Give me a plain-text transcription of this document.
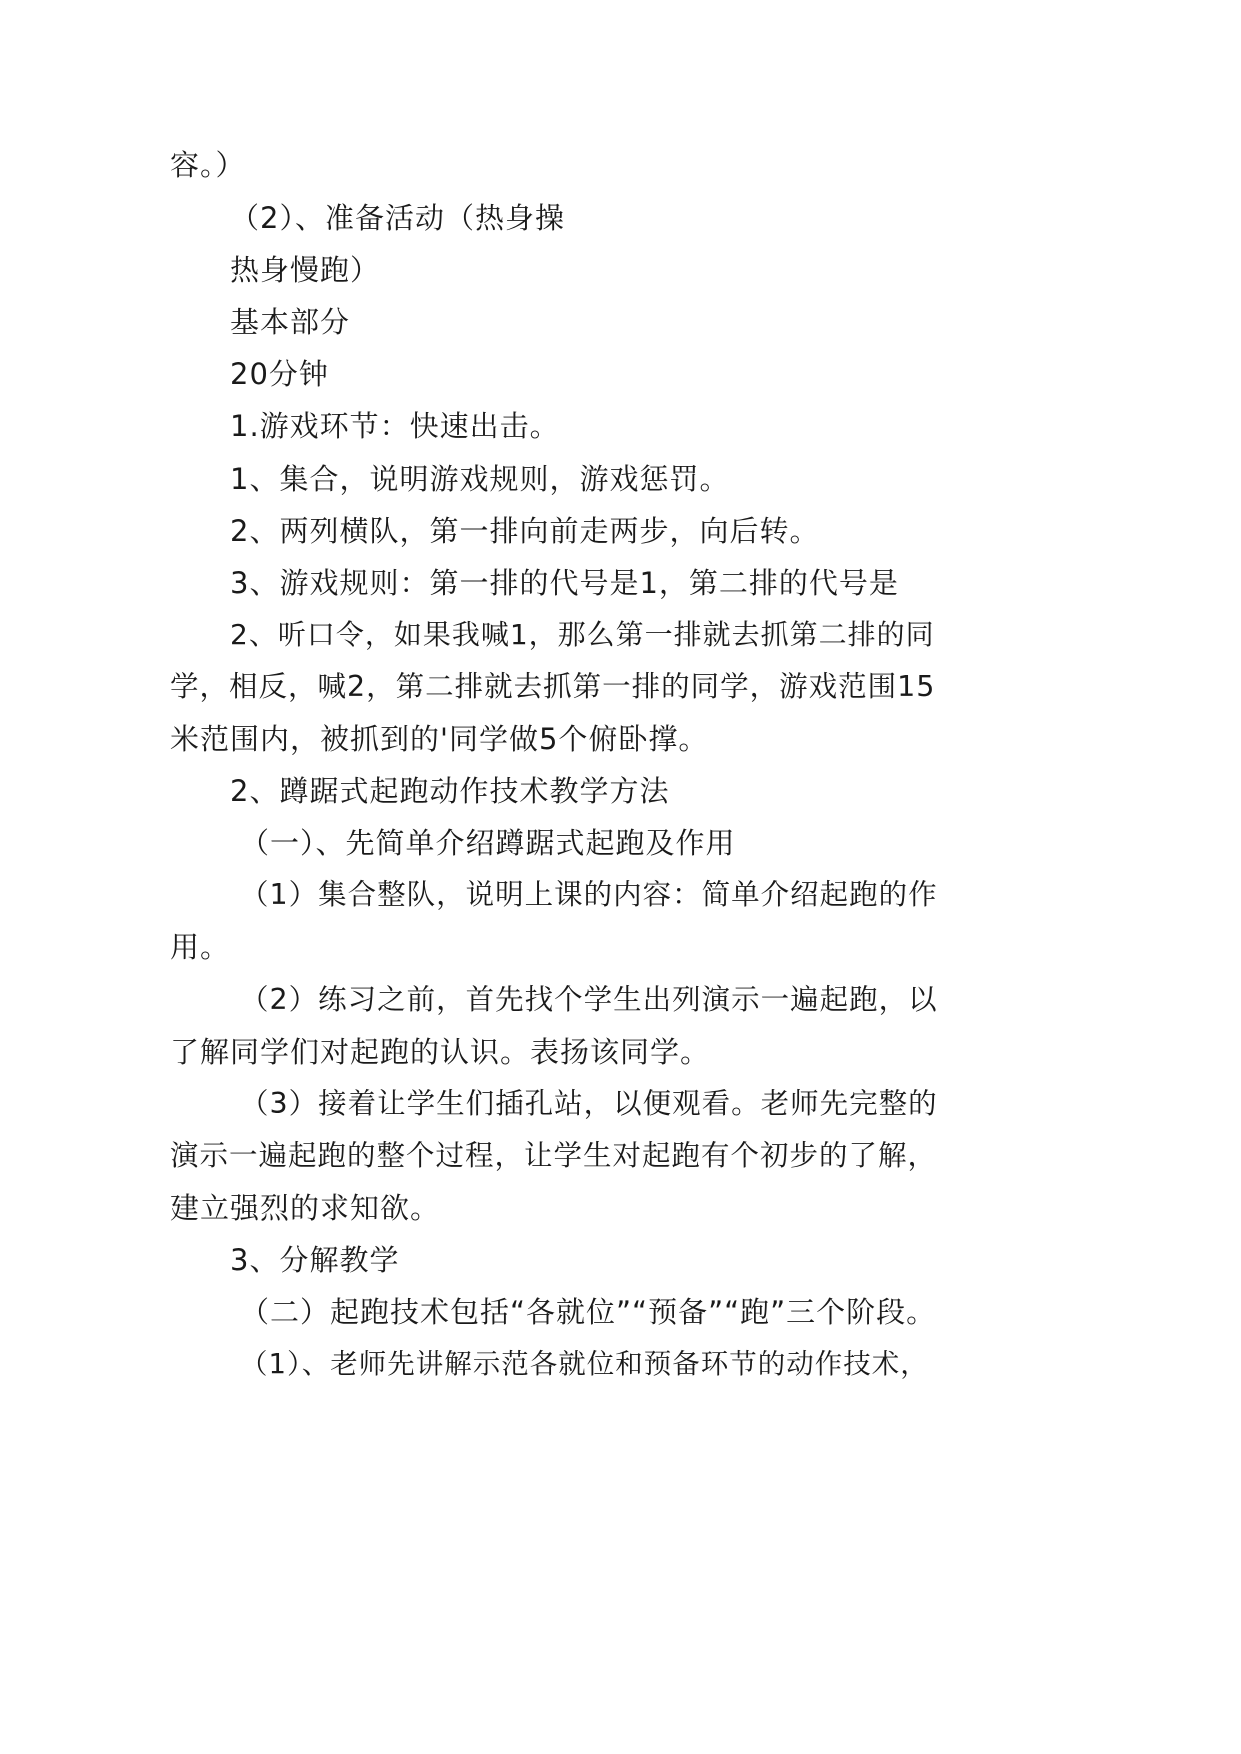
容。）
（2）、准备活动（热身操
热身慢跑）
基本部分
20分钟
1.游戏环节：快速出击。
1、集合，说明游戏规则，游戏惩罚。
2、两列横队，第一排向前走两步，向后转。
3、游戏规则：第一排的代号是1，第二排的代号是
2、听口令，如果我喊1，那么第一排就去抓第二排的同
学，相反，喊2，第二排就去抓第一排的同学，游戏范围15
米范围内，被抓到的'同学做5个俯卧撑。
2、蹲踞式起跑动作技术教学方法
（一）、先简单介绍蹲踞式起跑及作用
（1）集合整队，说明上课的内容：简单介绍起跑的作
用。
（2）练习之前，首先找个学生出列演示一遍起跑，以
了解同学们对起跑的认识。表扬该同学。
（3）接着让学生们插孔站，以便观看。老师先完整的
演示一遍起跑的整个过程，让学生对起跑有个初步的了解，
建立强烈的求知欲。
3、分解教学
（二）起跑技术包括“各就位”“预备”“跑”三个阶段。
（1）、老师先讲解示范各就位和预备环节的动作技术，
